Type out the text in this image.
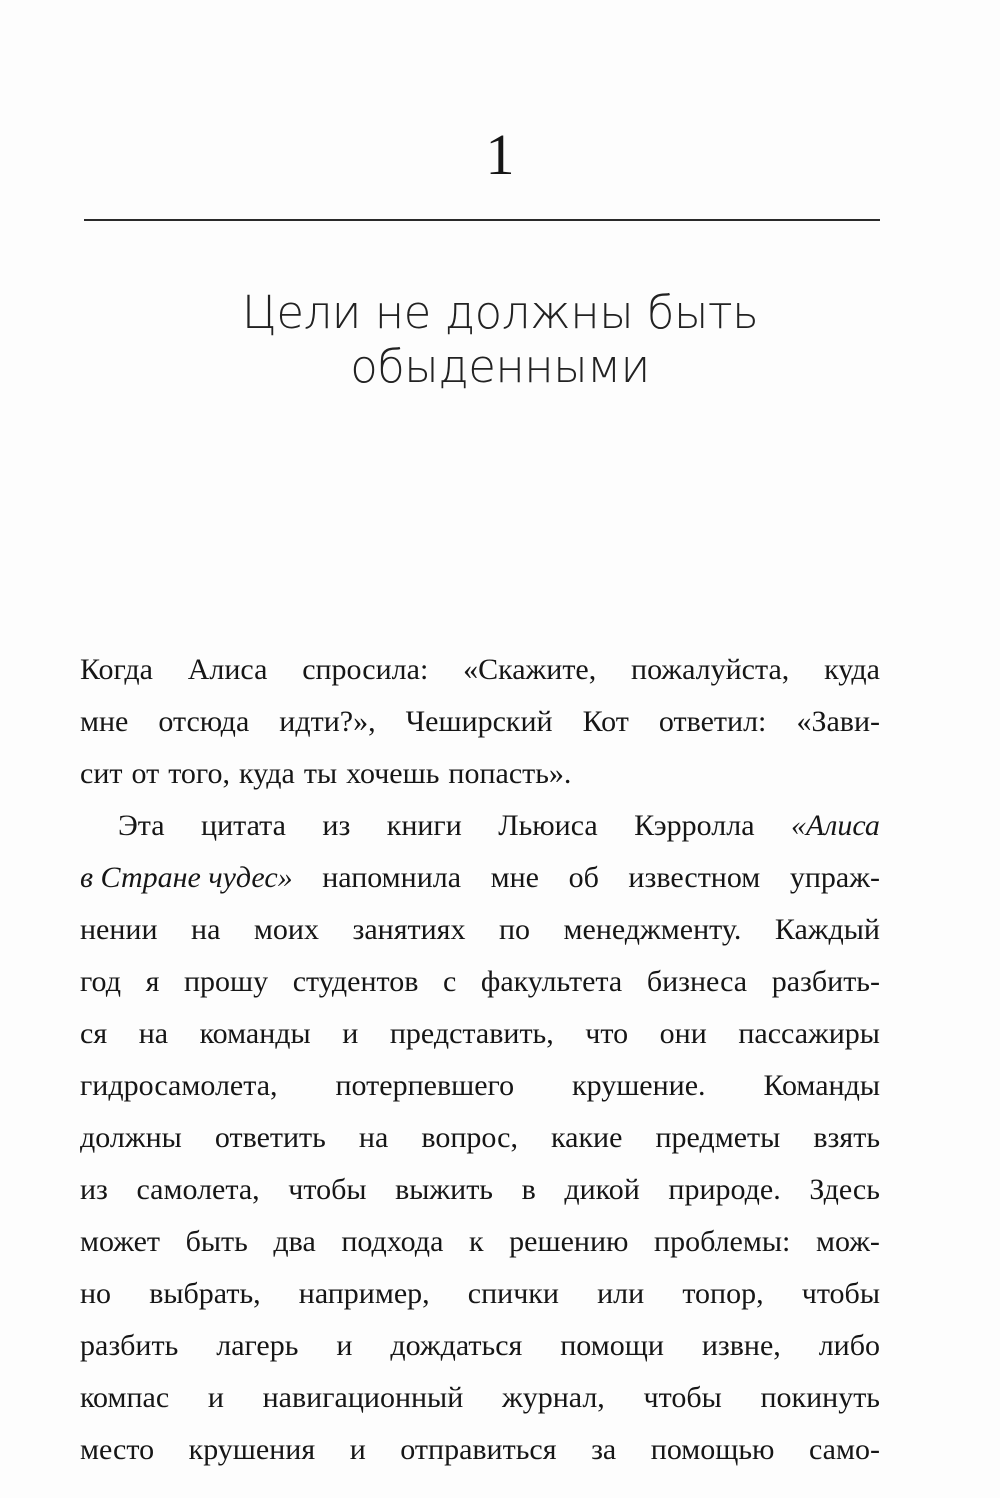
1
Цели не должны быть
обыденными
Когда Алиса спросила: «Скажите, пожалуйста, куда
мне отсюда идти?», Чеширский Кот ответил: «Зави-
сит от того, куда ты хочешь попасть».
Эта цитата из книги Льюиса Кэрролла «Алиса
в Стране чудес» напомнила мне об известном упраж-
нении на моих занятиях по менеджменту. Каждый
год я прошу студентов с факультета бизнеса разбить-
ся на команды и представить, что они пассажиры
гидросамолета, потерпевшего крушение. Команды
должны ответить на вопрос, какие предметы взять
из самолета, чтобы выжить в дикой природе. Здесь
может быть два подхода к решению проблемы: мож-
но выбрать, например, спички или топор, чтобы
разбить лагерь и дождаться помощи извне, либо
компас и навигационный журнал, чтобы покинуть
место крушения и отправиться за помощью само-
